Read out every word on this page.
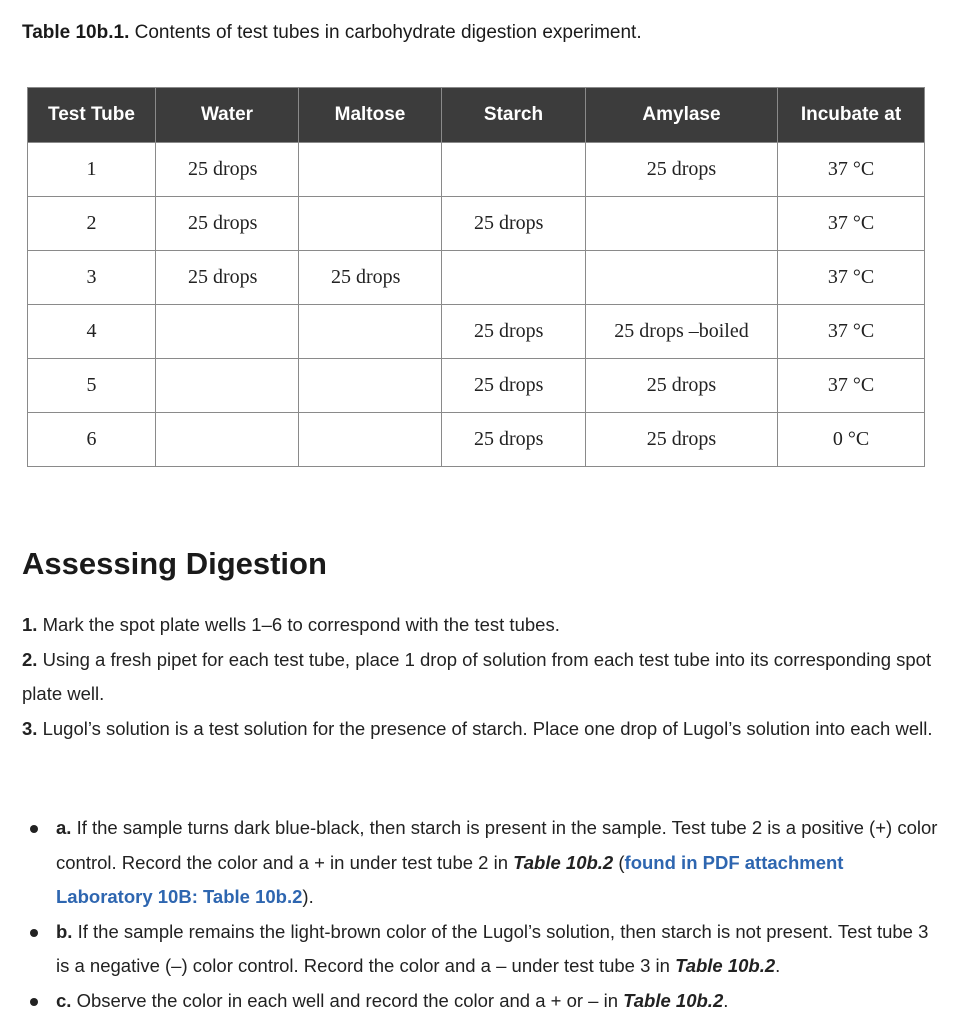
Table 10b.1. Contents of test tubes in carbohydrate digestion experiment.
Test Tube	Water	Maltose	Starch	Amylase	Incubate at
1	25 drops			25 drops	37 °C
2	25 drops		25 drops		37 °C
3	25 drops	25 drops			37 °C
4			25 drops	25 drops –boiled	37 °C
5			25 drops	25 drops	37 °C
6			25 drops	25 drops	0 °C
Assessing Digestion

1. Mark the spot plate wells 1–6 to correspond with the test tubes.

2. Using a fresh pipet for each test tube, place 1 drop of solution from each test tube into its corresponding spot plate well.

3. Lugol’s solution is a test solution for the presence of starch. Place one drop of Lugol’s solution into each well.

a. If the sample turns dark blue-black, then starch is present in the sample. Test tube 2 is a positive (+) color control. Record the color and a + in under test tube 2 in Table 10b.2 (found in PDF attachment Laboratory 10B: Table 10b.2).
b. If the sample remains the light-brown color of the Lugol’s solution, then starch is not present. Test tube 3 is a negative (–) color control. Record the color and a – under test tube 3 in Table 10b.2.
c. Observe the color in each well and record the color and a + or – in Table 10b.2.
